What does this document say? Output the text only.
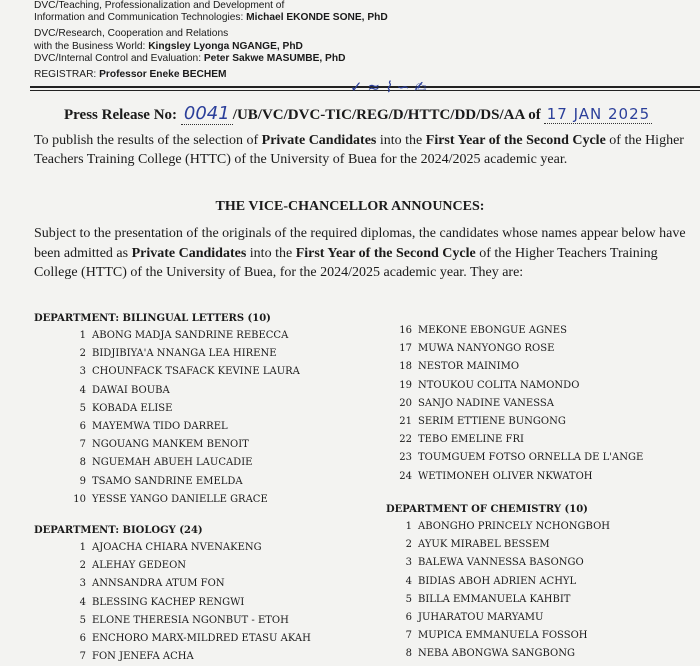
DVC/Teaching, Professionalization and Development of
Information and Communication Technologies: Michael EKONDE SONE, PhD
DVC/Research, Cooperation and Relations
with the Business World: Kingsley Lyonga NGANGE, PhD
DVC/Internal Control and Evaluation: Peter Sakwe MASUMBE, PhD
REGISTRAR: Professor Eneke BECHEM
✓ ≈ ⌇ ∽ ✍
Press Release No: 0041 /UB/VC/DVC-TIC/REG/D/HTTC/DD/DS/AA of 17 JAN 2025
To publish the results of the selection of Private Candidates into the First Year of the Second Cycle of the Higher Teachers Training College (HTTC) of the University of Buea for the 2024/2025 academic year.
THE VICE-CHANCELLOR ANNOUNCES:
Subject to the presentation of the originals of the required diplomas, the candidates whose names appear below have been admitted as Private Candidates into the First Year of the Second Cycle of the Higher Teachers Training College (HTTC) of the University of Buea, for the 2024/2025 academic year. They are:
DEPARTMENT: BILINGUAL LETTERS (10)
1 ABONG MADJA SANDRINE REBECCA
2 BIDJIBIYA'A NNANGA LEA HIRENE
3 CHOUNFACK TSAFACK KEVINE LAURA
4 DAWAI BOUBA
5 KOBADA ELISE
6 MAYEMWA TIDO DARREL
7 NGOUANG MANKEM BENOIT
8 NGUEMAH ABUEH LAUCADIE
9 TSAMO SANDRINE EMELDA
10 YESSE YANGO DANIELLE GRACE
16 MEKONE EBONGUE AGNES
17 MUWA NANYONGO ROSE
18 NESTOR MAINIMO
19 NTOUKOU COLITA NAMONDO
20 SANJO NADINE VANESSA
21 SERIM ETTIENE BUNGONG
22 TEBO EMELINE FRI
23 TOUMGUEM FOTSO ORNELLA DE L'ANGE
24 WETIMONEH OLIVER NKWATOH
DEPARTMENT: BIOLOGY (24)
1 AJOACHA CHIARA NVENAKENG
2 ALEHAY GEDEON
3 ANNSANDRA ATUM FON
4 BLESSING KACHEP RENGWI
5 ELONE THERESIA NGONBUT - ETOH
6 ENCHORO MARX-MILDRED ETASU AKAH
7 FON JENEFA ACHA
DEPARTMENT OF CHEMISTRY (10)
1 ABONGHO PRINCELY NCHONGBOH
2 AYUK MIRABEL BESSEM
3 BALEWA VANNESSA BASONGO
4 BIDIAS ABOH ADRIEN ACHYL
5 BILLA EMMANUELA KAHBIT
6 JUHARATOU MARYAMU
7 MUPICA EMMANUELA FOSSOH
8 NEBA ABONGWA SANGBONG
